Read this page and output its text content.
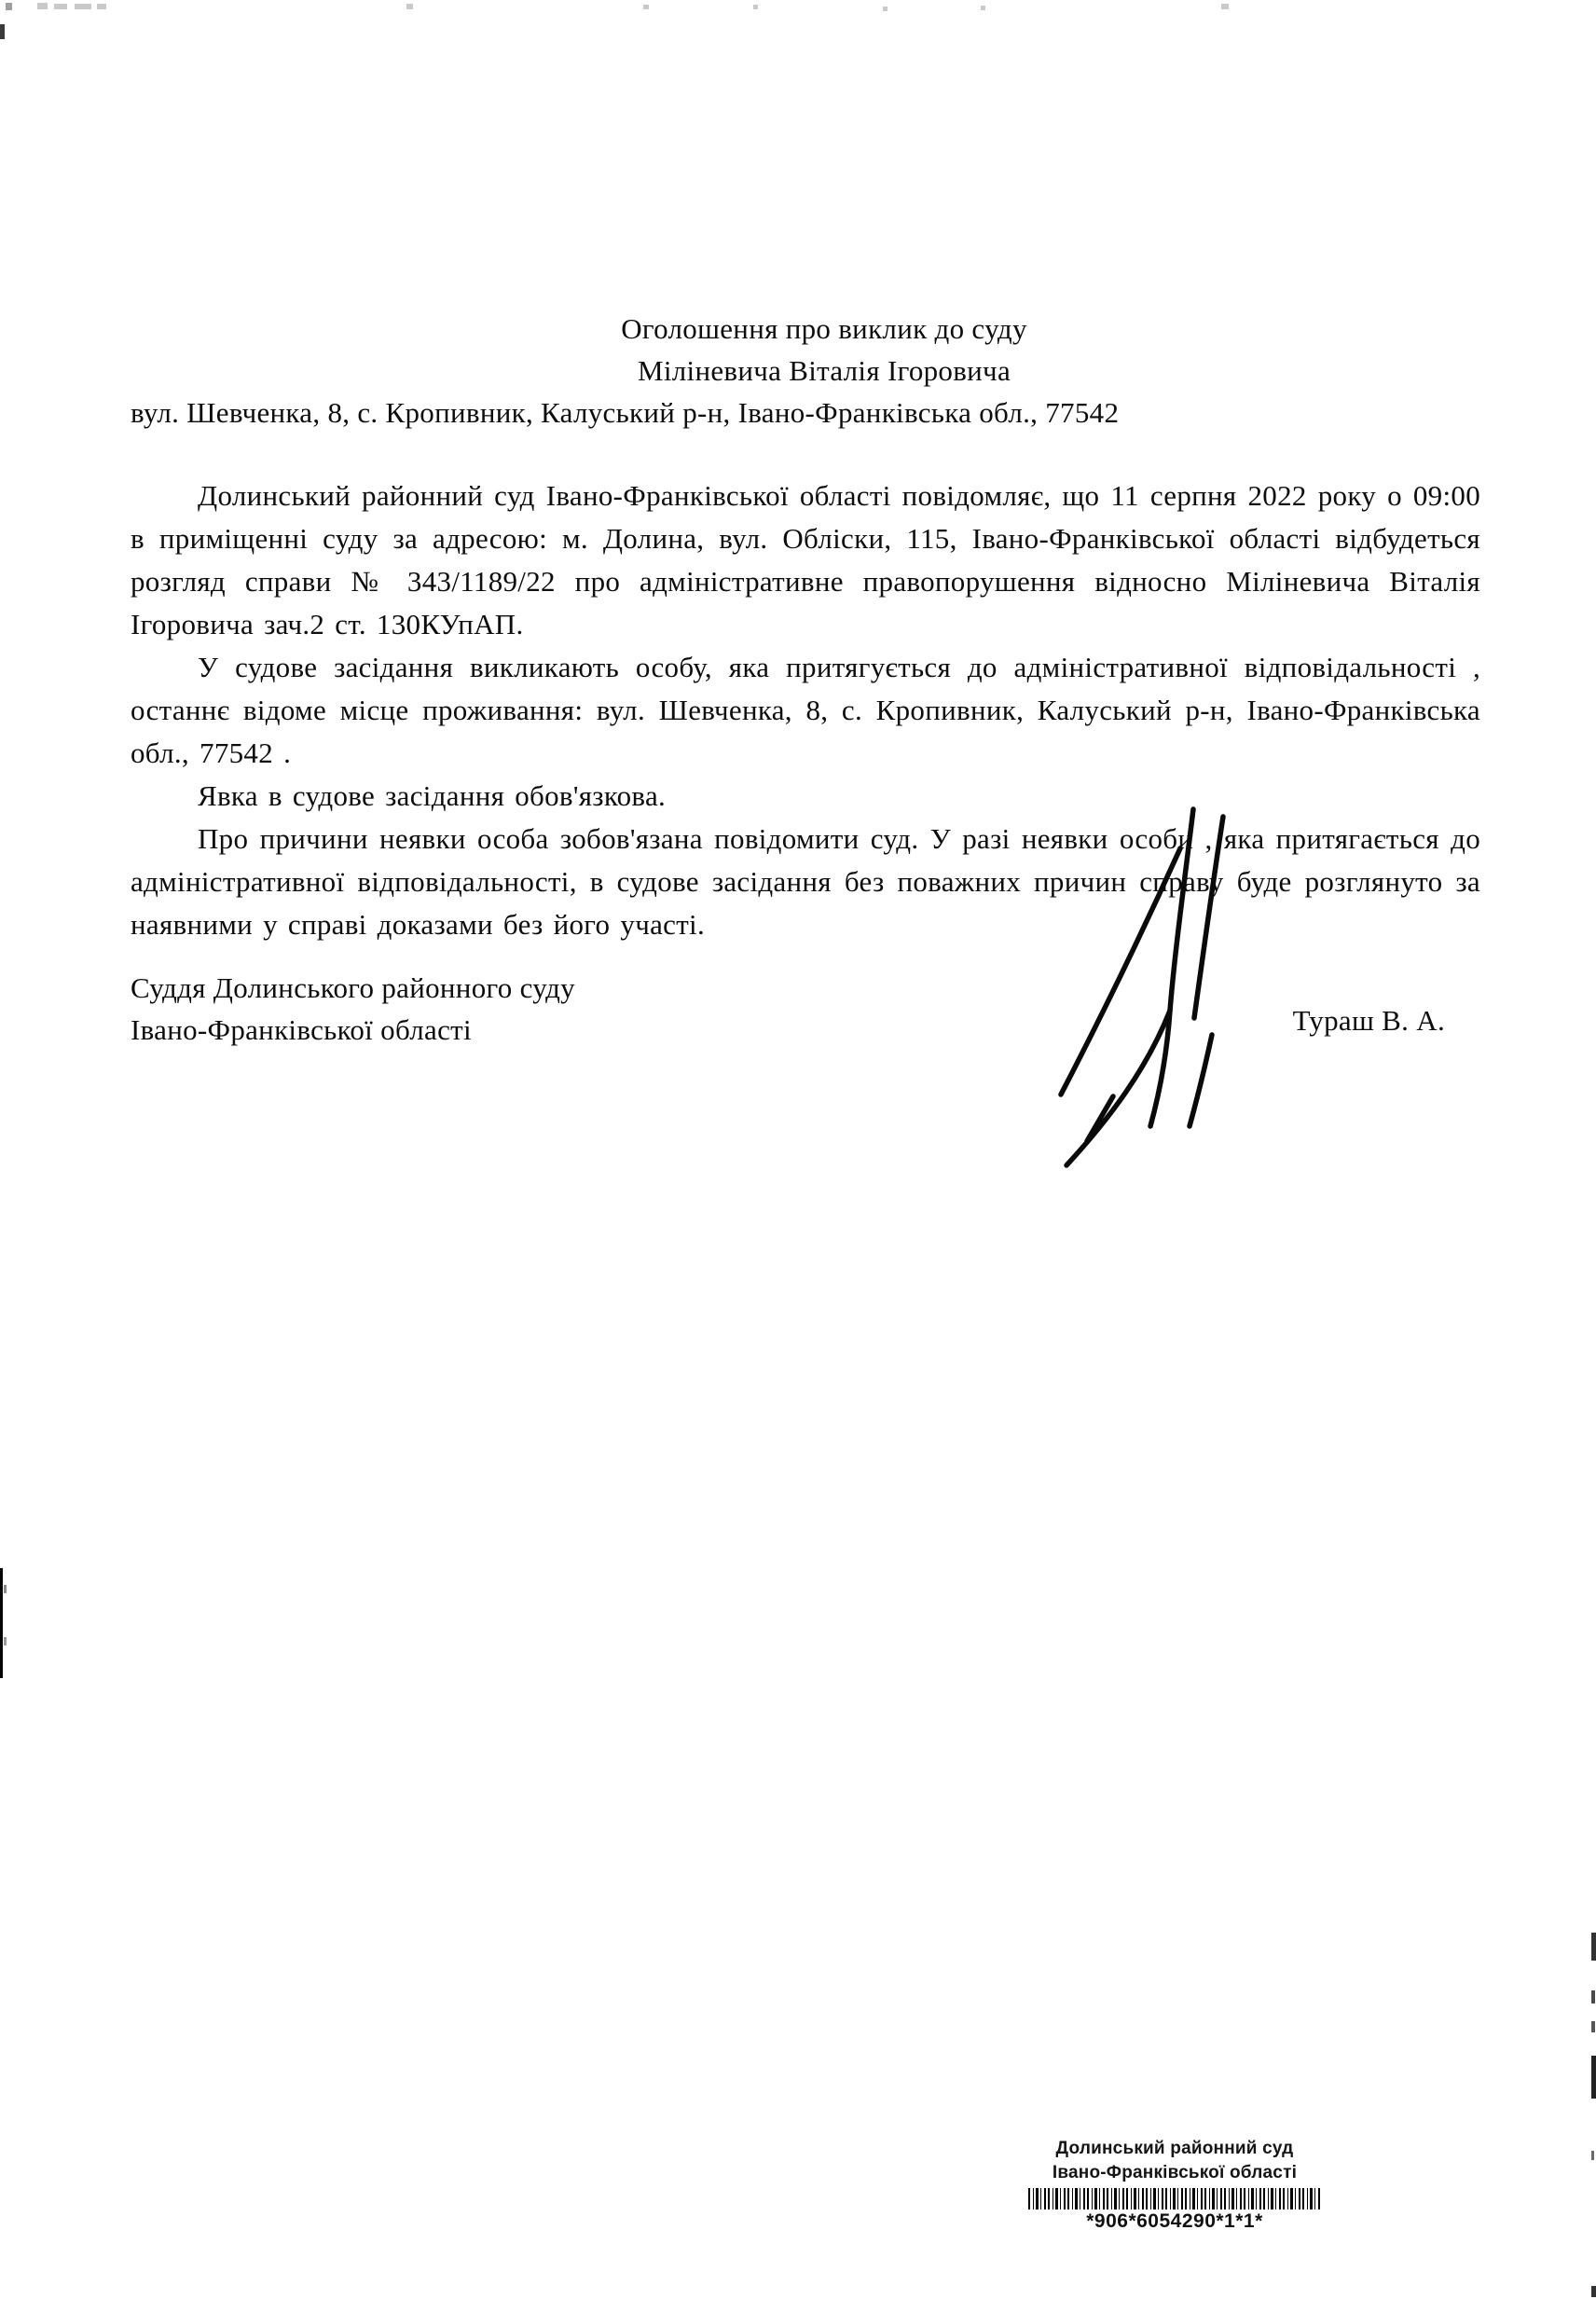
Оголошення про виклик до суду
Міліневича Віталія Ігоровича
вул. Шевченка, 8, с. Кропивник, Калуський р-н, Івано-Франківська обл., 77542

Долинський районний суд Івано-Франківської області повідомляє, що 11 серпня 2022 року о 09:00 в приміщенні суду за адресою: м. Долина, вул. Обліски, 115, Івано-Франківської області відбудеться розгляд справи № 343/1189/22 про адміністративне правопорушення відносно Міліневича Віталія Ігоровича зач.2 ст. 130КУпАП.

У судове засідання викликають особу, яка притягується до адміністративної відповідальності , останнє відоме місце проживання: вул. Шевченка, 8, с. Кропивник, Калуський р-н, Івано-Франківська обл., 77542 .

Явка в судове засідання обов'язкова.

Про причини неявки особа зобов'язана повідомити суд. У разі неявки особи , яка притягається до адміністративної відповідальності, в судове засідання без поважних причин справу буде розглянуто за наявними у справі доказами без його участі.

Суддя Долинського районного суду
Івано-Франківської області	Тураш В. А.
Долинський районний суд
Івано-Франківської області
*906*6054290*1*1*
